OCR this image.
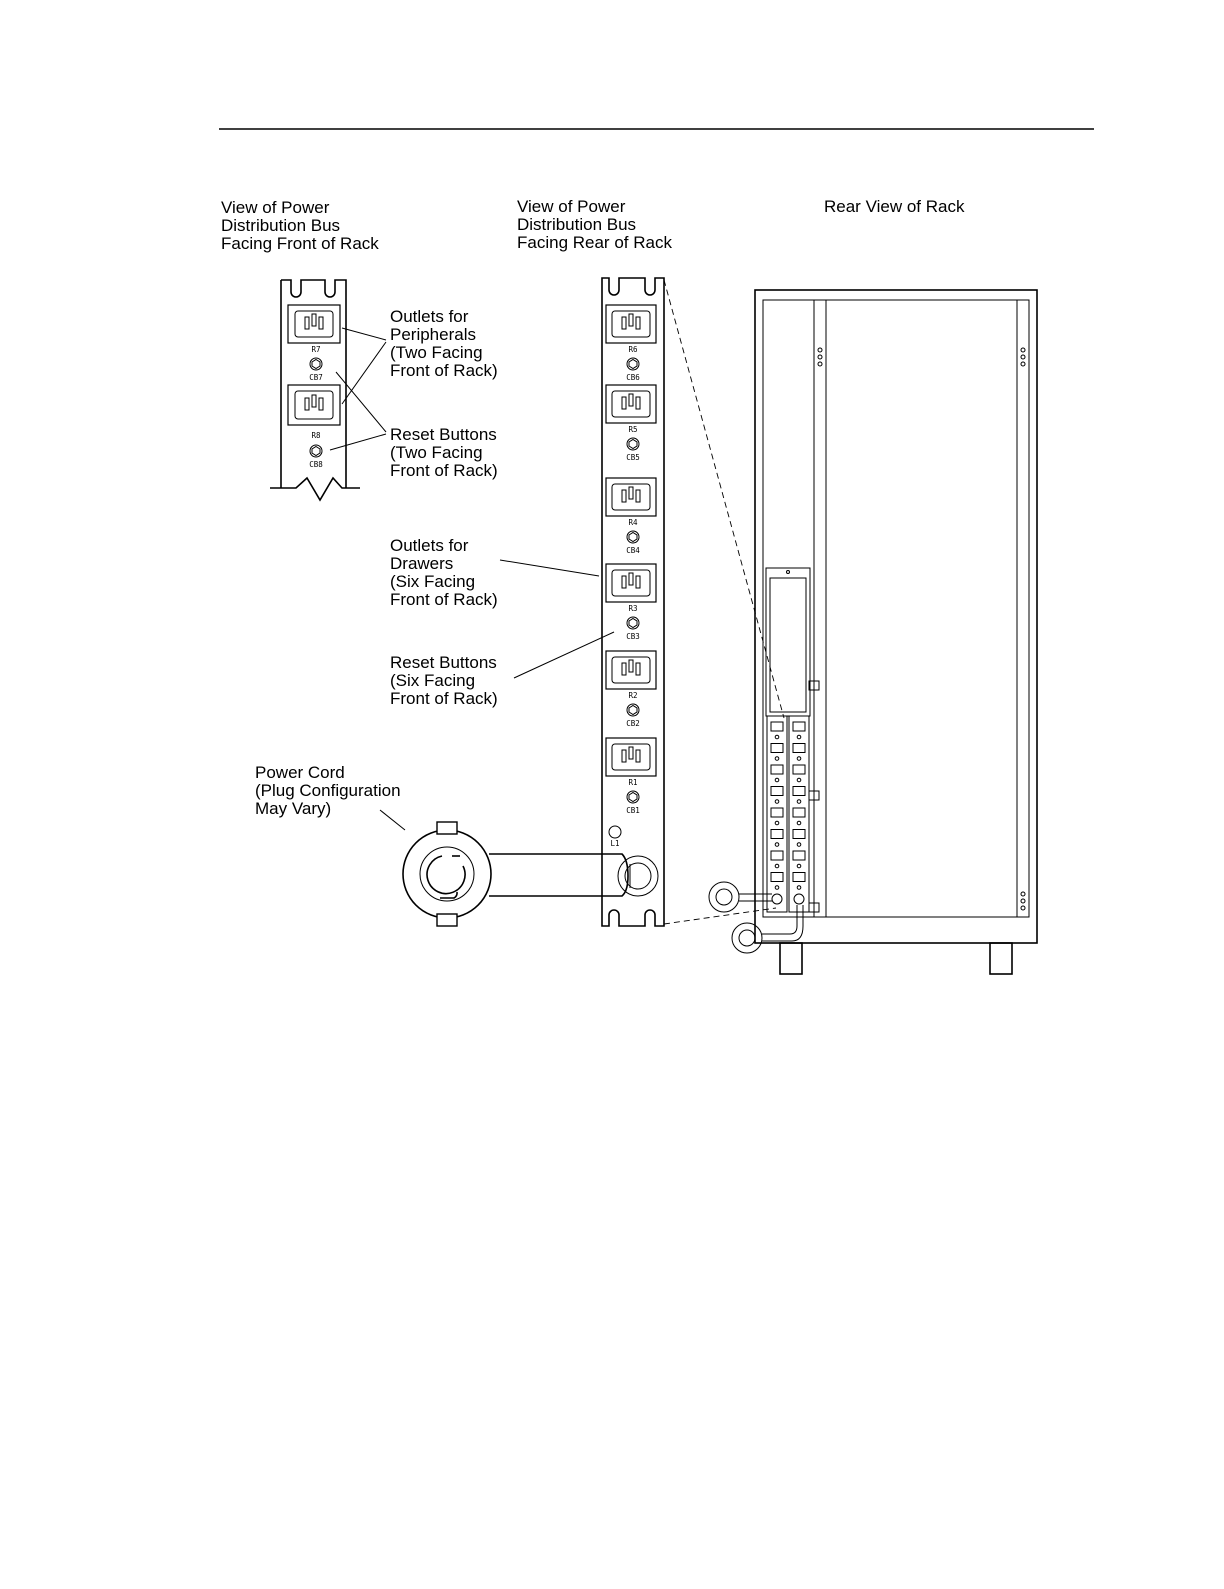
View of Power Distribution Bus Facing Front of Rack
View of Power Distribution Bus Facing Rear of Rack
Rear View of Rack
R7
CB7
R8
CB8
Outlets for Peripherals (Two Facing Front of Rack)
Reset Buttons (Two Facing Front of Rack)
R6
CB6
R5
CB5
R4
CB4
R3
CB3
R2
CB2
R1
CB1
L1
Outlets for Drawers (Six Facing Front of Rack)
Reset Buttons (Six Facing Front of Rack)
Power Cord (Plug Configuration May Vary)
